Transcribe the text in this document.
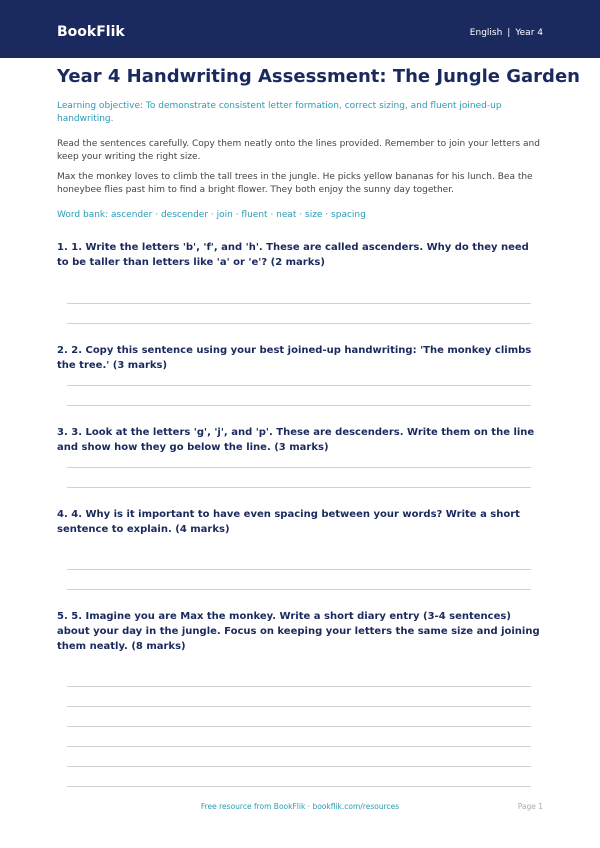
BookFlik	English | Year 4
Year 4 Handwriting Assessment: The Jungle Garden
Learning objective: To demonstrate consistent letter formation, correct sizing, and fluent joined-up handwriting.
Read the sentences carefully. Copy them neatly onto the lines provided. Remember to join your letters and keep your writing the right size.
Max the monkey loves to climb the tall trees in the jungle. He picks yellow bananas for his lunch. Bea the honeybee flies past him to find a bright flower. They both enjoy the sunny day together.
Word bank: ascender · descender · join · fluent · neat · size · spacing
1. 1. Write the letters 'b', 'f', and 'h'. These are called ascenders. Why do they need to be taller than letters like 'a' or 'e'? (2 marks)
2. 2. Copy this sentence using your best joined-up handwriting: 'The monkey climbs the tree.' (3 marks)
3. 3. Look at the letters 'g', 'j', and 'p'. These are descenders. Write them on the line and show how they go below the line. (3 marks)
4. 4. Why is it important to have even spacing between your words? Write a short sentence to explain. (4 marks)
5. 5. Imagine you are Max the monkey. Write a short diary entry (3-4 sentences) about your day in the jungle. Focus on keeping your letters the same size and joining them neatly. (8 marks)
Free resource from BookFlik · bookflik.com/resources	Page 1
